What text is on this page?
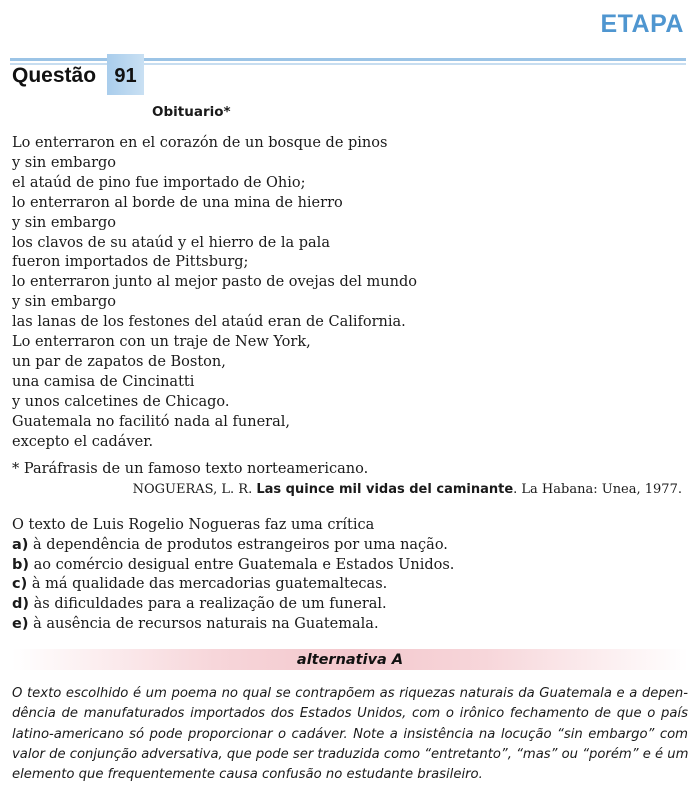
ETAPA
Questão 91
Obituario*
Lo enterraron en el corazón de un bosque de pinos
y sin embargo
el ataúd de pino fue importado de Ohio;
lo enterraron al borde de una mina de hierro
y sin embargo
los clavos de su ataúd y el hierro de la pala
fueron importados de Pittsburg;
lo enterraron junto al mejor pasto de ovejas del mundo
y sin embargo
las lanas de los festones del ataúd eran de California.
Lo enterraron con un traje de New York,
un par de zapatos de Boston,
una camisa de Cincinatti
y unos calcetines de Chicago.
Guatemala no facilitó nada al funeral,
excepto el cadáver.
* Paráfrasis de un famoso texto norteamericano.
NOGUERAS, L. R. Las quince mil vidas del caminante. La Habana: Unea, 1977.
O texto de Luis Rogelio Nogueras faz uma crítica
a) à dependência de produtos estrangeiros por uma nação.
b) ao comércio desigual entre Guatemala e Estados Unidos.
c) à má qualidade das mercadorias guatemaltecas.
d) às dificuldades para a realização de um funeral.
e) à ausência de recursos naturais na Guatemala.
alternativa A
O texto escolhido é um poema no qual se contrapõem as riquezas naturais da Guatemala e a depen-
dência de manufaturados importados dos Estados Unidos, com o irônico fechamento de que o país
latino-americano só pode proporcionar o cadáver. Note a insistência na locução “sin embargo” com
valor de conjunção adversativa, que pode ser traduzida como “entretanto”, “mas” ou “porém” e é um
elemento que frequentemente causa confusão no estudante brasileiro.
